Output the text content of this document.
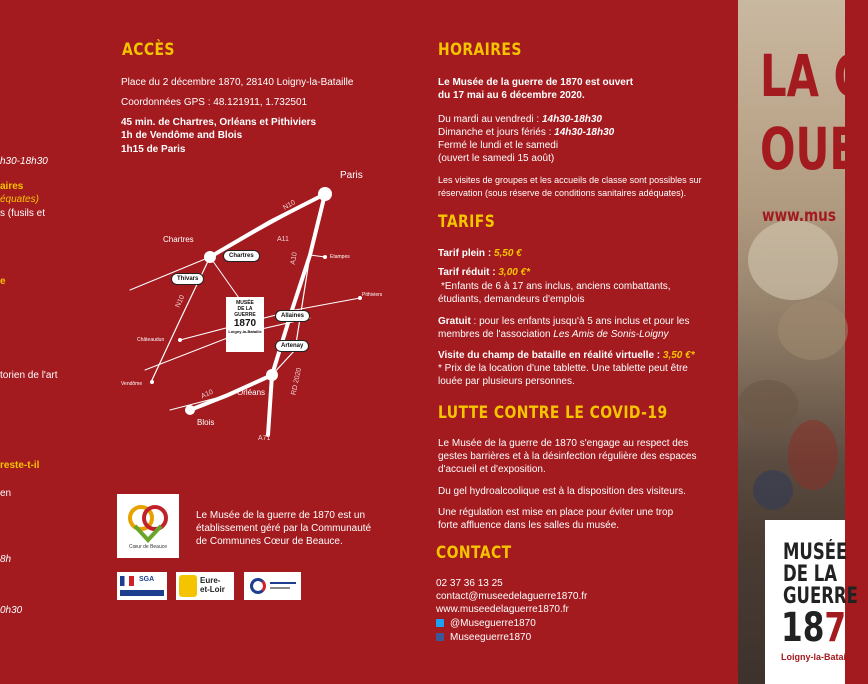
h30-18h30
aires
équates)
s (fusils et
e
torien de l'art
reste-t-il
en
8h
0h30
ACCÈS
Place du 2 décembre 1870, 28140 Loigny-la-Bataille
Coordonnées GPS : 48.121911, 1.732501
45 min. de Chartres, Orléans et Pithiviers
1h de Vendôme and Blois
1h15 de Paris
Paris
Chartres
Etampes
Pithiviers
Châteaudun
Vendôme
Orléans
Blois
A11
A10
A10
A71
N10
N10
RD 2020
Chartres
Thivars
Allaines
Artenay
MUSÉE
DE LA
GUERRE
1870
Loigny-la-Bataille
Cœur de Beauce
Le Musée de la guerre de 1870 est un
établissement géré par la Communauté
de Communes Cœur de Beauce.
SGA	Eure-
et-Loir
HORAIRES
Le Musée de la guerre de 1870 est ouvert
du 17 mai au 6 décembre 2020.
Du mardi au vendredi : 14h30-18h30
Dimanche et jours fériés : 14h30-18h30
Fermé le lundi et le samedi
(ouvert le samedi 15 août)
Les visites de groupes et les accueils de classe sont possibles sur
réservation (sous réserve de conditions sanitaires adéquates).
TARIFS
Tarif plein : 5,50 €
Tarif réduit : 3,00 €*
*Enfants de 6 à 17 ans inclus, anciens combattants,
étudiants, demandeurs d'emplois
Gratuit : pour les enfants jusqu'à 5 ans inclus et pour les
membres de l'association Les Amis de Sonis-Loigny
Visite du champ de bataille en réalité virtuelle : 3,50 €*
* Prix de la location d'une tablette. Une tablette peut être
louée par plusieurs personnes.
LUTTE CONTRE LE COVID-19
Le Musée de la guerre de 1870 s'engage au respect des
gestes barrières et à la désinfection régulière des espaces
d'accueil et d'exposition.
Du gel hydroalcoolique est à la disposition des visiteurs.
Une régulation est mise en place pour éviter une trop
forte affluence dans les salles du musée.
CONTACT
02 37 36 13 25
contact@museedelaguerre1870.fr
www.museedelaguerre1870.fr
@Museguerre1870
Museeguerre1870
LA G
OUE
www.mus
MUSÉE
DE LA
GUERRE
1870
Loigny-la-Batail
